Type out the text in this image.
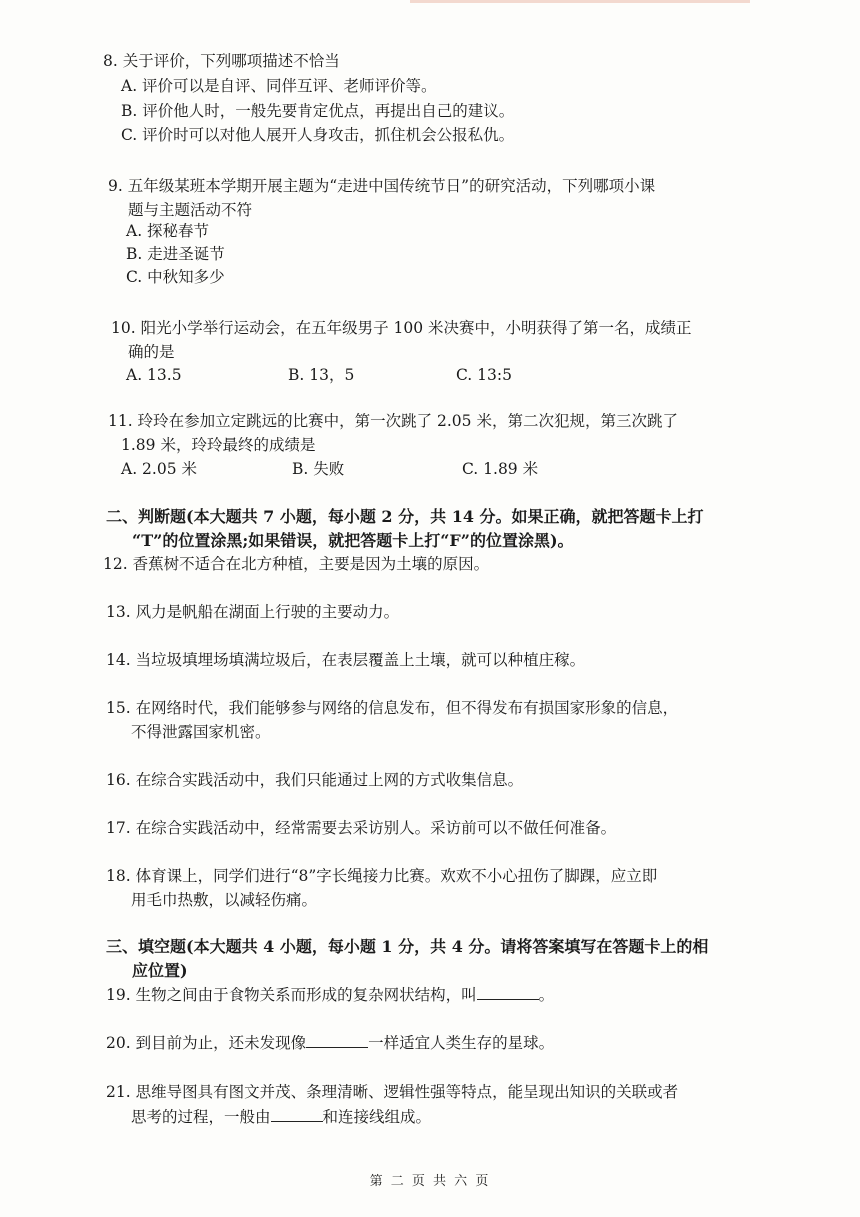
8. 关于评价，下列哪项描述不恰当
A. 评价可以是自评、同伴互评、老师评价等。
B. 评价他人时，一般先要肯定优点，再提出自己的建议。
C. 评价时可以对他人展开人身攻击，抓住机会公报私仇。
9. 五年级某班本学期开展主题为“走进中国传统节日”的研究活动，下列哪项小课
题与主题活动不符
A. 探秘春节
B. 走进圣诞节
C. 中秋知多少
10. 阳光小学举行运动会，在五年级男子 100 米决赛中，小明获得了第一名，成绩正
确的是
A. 13.5	B. 13，5	C. 13:5
11. 玲玲在参加立定跳远的比赛中，第一次跳了 2.05 米，第二次犯规，第三次跳了
1.89 米，玲玲最终的成绩是
A. 2.05 米	B. 失败	C. 1.89 米
二、判断题(本大题共 7 小题，每小题 2 分，共 14 分。如果正确，就把答题卡上打
“T”的位置涂黑;如果错误，就把答题卡上打“F”的位置涂黑)。
12. 香蕉树不适合在北方种植，主要是因为土壤的原因。
13. 风力是帆船在湖面上行驶的主要动力。
14. 当垃圾填埋场填满垃圾后，在表层覆盖上土壤，就可以种植庄稼。
15. 在网络时代，我们能够参与网络的信息发布，但不得发布有损国家形象的信息，
不得泄露国家机密。
16. 在综合实践活动中，我们只能通过上网的方式收集信息。
17. 在综合实践活动中，经常需要去采访别人。采访前可以不做任何准备。
18. 体育课上，同学们进行“8”字长绳接力比赛。欢欢不小心扭伤了脚踝，应立即
用毛巾热敷，以减轻伤痛。
三、填空题(本大题共 4 小题，每小题 1 分，共 4 分。请将答案填写在答题卡上的相
应位置)
19. 生物之间由于食物关系而形成的复杂网状结构，叫	。
20. 到目前为止，还未发现像	一样适宜人类生存的星球。
21. 思维导图具有图文并茂、条理清晰、逻辑性强等特点，能呈现出知识的关联或者
思考的过程，一般由	和连接线组成。
第 二 页 共 六 页
